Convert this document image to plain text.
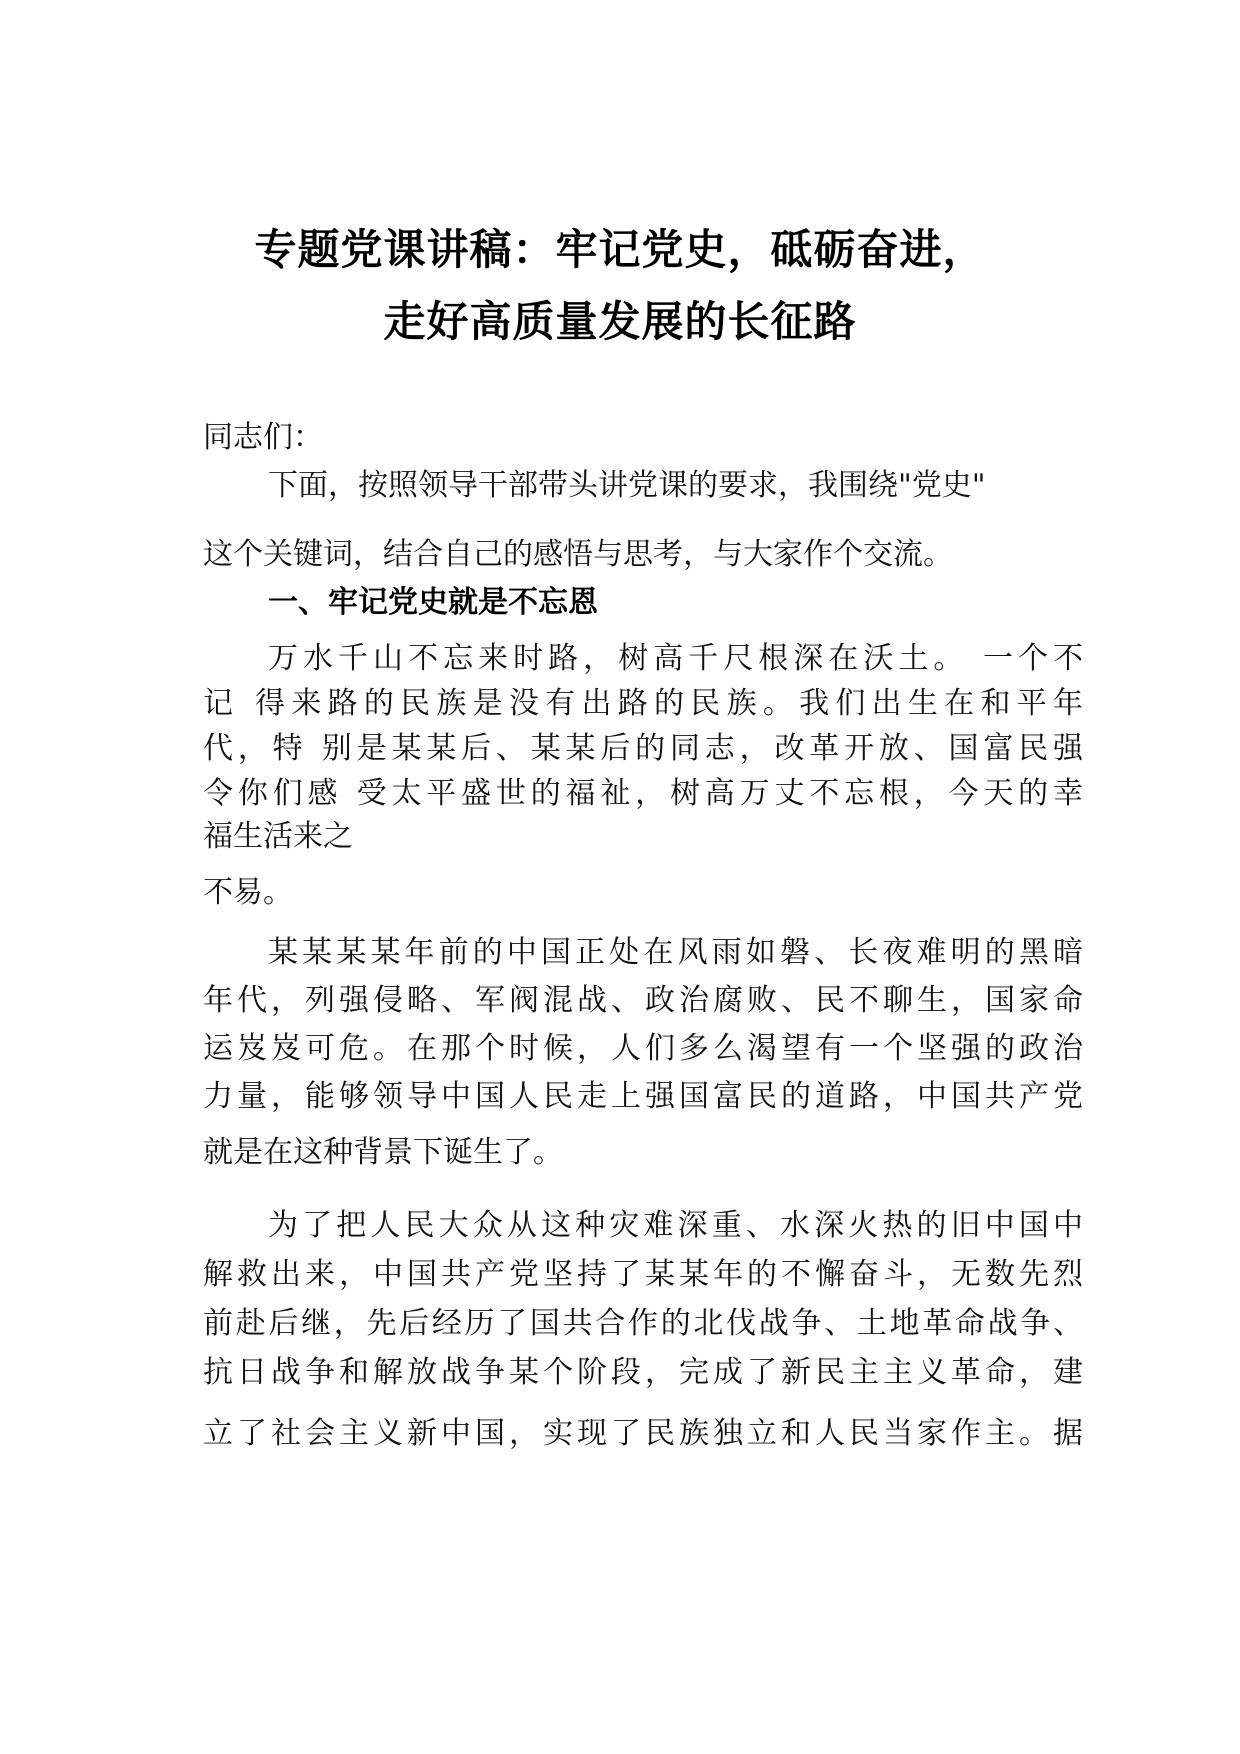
专题党课讲稿：牢记党史，砥砺奋进，
走好高质量发展的长征路
同志们：
下面，按照领导干部带头讲党课的要求，我围绕"党史"
这个关键词，结合自己的感悟与思考，与大家作个交流。
一、牢记党史就是不忘恩
万水千山不忘来时路，树高千尺根深在沃土。 一个不
记 得来路的民族是没有出路的民族。我们出生在和平年
代，特 别是某某后、某某后的同志，改革开放、国富民强
令你们感 受太平盛世的福祉，树高万丈不忘根，今天的幸
福生活来之
不易。
某某某某年前的中国正处在风雨如磐、长夜难明的黑暗
年代，列强侵略、军阀混战、政治腐败、民不聊生，国家命
运岌岌可危。在那个时候，人们多么渴望有一个坚强的政治
力量，能够领导中国人民走上强国富民的道路，中国共产党
就是在这种背景下诞生了。
为了把人民大众从这种灾难深重、水深火热的旧中国中
解救出来，中国共产党坚持了某某年的不懈奋斗，无数先烈
前赴后继，先后经历了国共合作的北伐战争、土地革命战争、
抗日战争和解放战争某个阶段，完成了新民主主义革命，建
立了社会主义新中国，实现了民族独立和人民当家作主。据
